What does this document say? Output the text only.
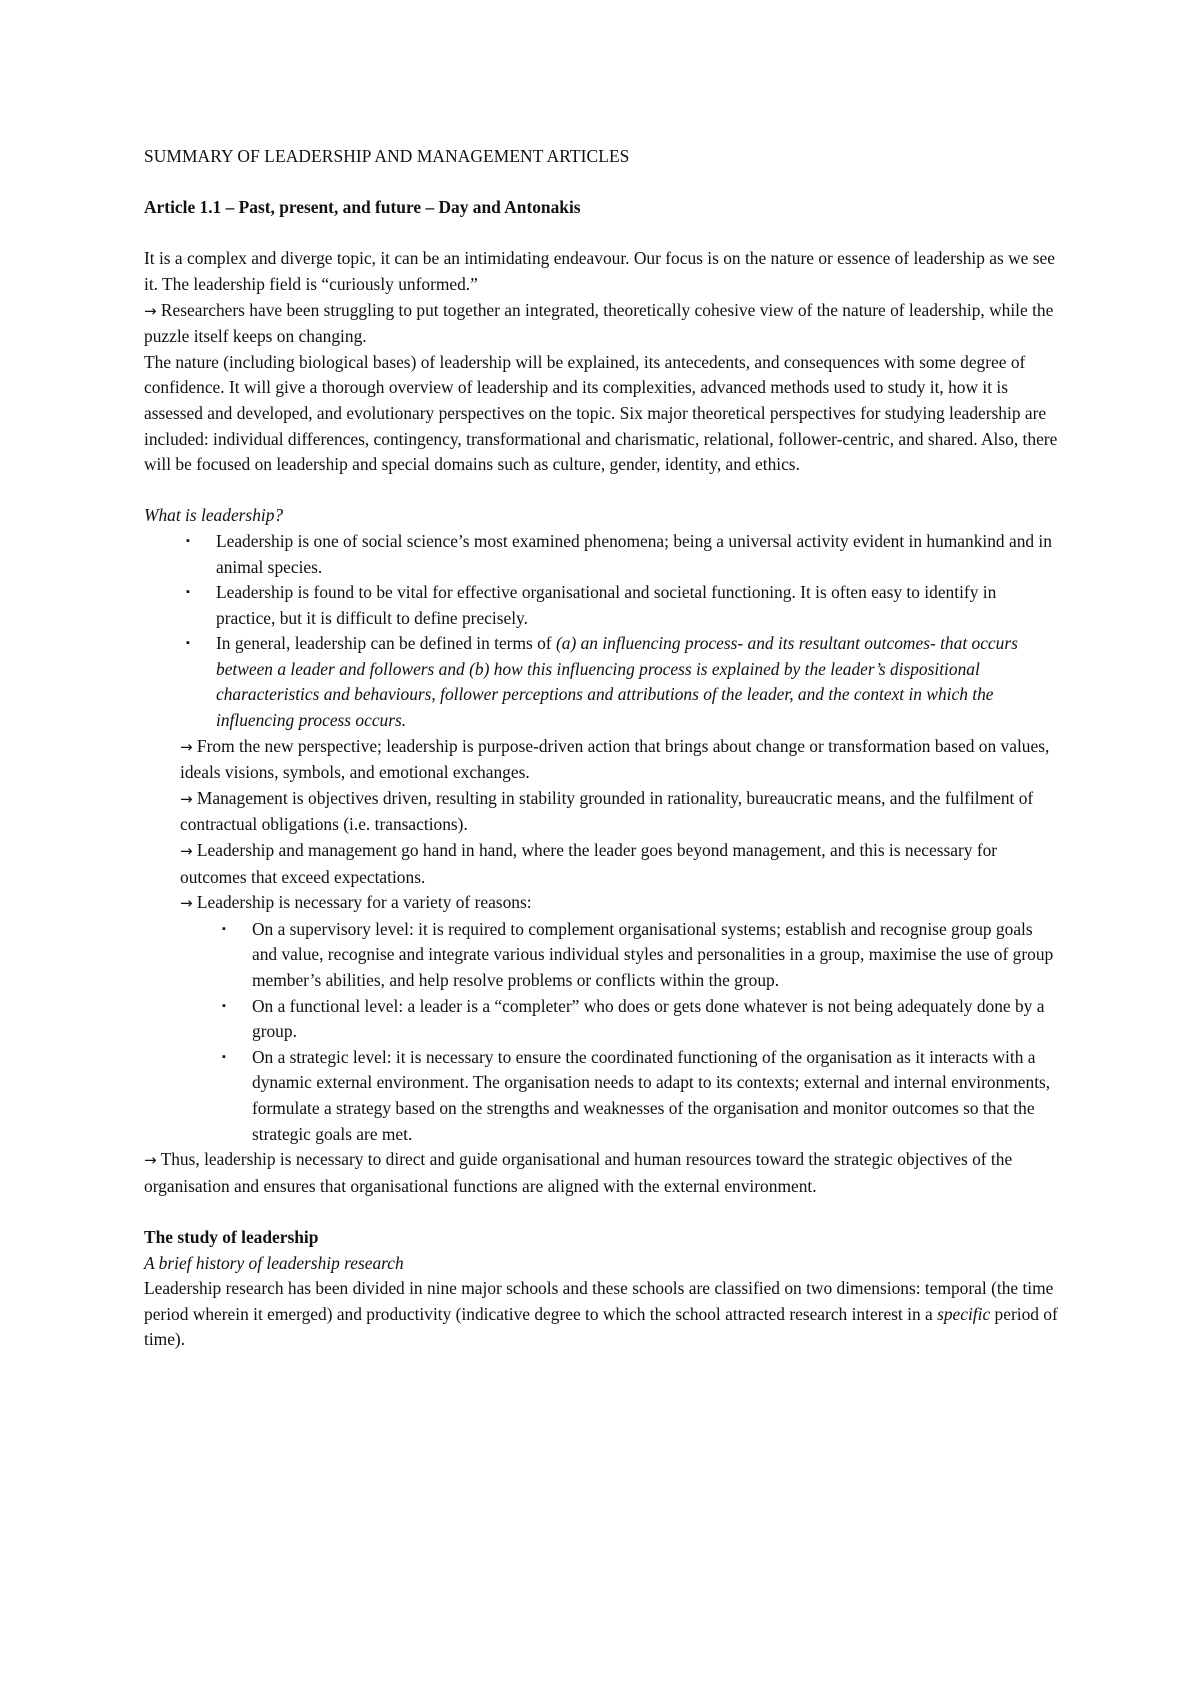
SUMMARY OF LEADERSHIP AND MANAGEMENT ARTICLES

Article 1.1 – Past, present, and future – Day and Antonakis

It is a complex and diverge topic, it can be an intimidating endeavour. Our focus is on the nature or essence of leadership as we see it. The leadership field is “curiously unformed.”

→ Researchers have been struggling to put together an integrated, theoretically cohesive view of the nature of leadership, while the puzzle itself keeps on changing.

The nature (including biological bases) of leadership will be explained, its antecedents, and consequences with some degree of confidence. It will give a thorough overview of leadership and its complexities, advanced methods used to study it, how it is assessed and developed, and evolutionary perspectives on the topic. Six major theoretical perspectives for studying leadership are included: individual differences, contingency, transformational and charismatic, relational, follower-centric, and shared. Also, there will be focused on leadership and special domains such as culture, gender, identity, and ethics.

What is leadership?

▪ Leadership is one of social science’s most examined phenomena; being a universal activity evident in humankind and in animal species.
▪ Leadership is found to be vital for effective organisational and societal functioning. It is often easy to identify in practice, but it is difficult to define precisely.
▪ In general, leadership can be defined in terms of (a) an influencing process- and its resultant outcomes- that occurs between a leader and followers and (b) how this influencing process is explained by the leader’s dispositional characteristics and behaviours, follower perceptions and attributions of the leader, and the context in which the influencing process occurs.

→ From the new perspective; leadership is purpose-driven action that brings about change or transformation based on values, ideals visions, symbols, and emotional exchanges.

→ Management is objectives driven, resulting in stability grounded in rationality, bureaucratic means, and the fulfilment of contractual obligations (i.e. transactions).

→ Leadership and management go hand in hand, where the leader goes beyond management, and this is necessary for outcomes that exceed expectations.

→ Leadership is necessary for a variety of reasons:

▪ On a supervisory level: it is required to complement organisational systems; establish and recognise group goals and value, recognise and integrate various individual styles and personalities in a group, maximise the use of group member’s abilities, and help resolve problems or conflicts within the group.
▪ On a functional level: a leader is a “completer” who does or gets done whatever is not being adequately done by a group.
▪ On a strategic level: it is necessary to ensure the coordinated functioning of the organisation as it interacts with a dynamic external environment. The organisation needs to adapt to its contexts; external and internal environments, formulate a strategy based on the strengths and weaknesses of the organisation and monitor outcomes so that the strategic goals are met.

→ Thus, leadership is necessary to direct and guide organisational and human resources toward the strategic objectives of the organisation and ensures that organisational functions are aligned with the external environment.

The study of leadership

A brief history of leadership research

Leadership research has been divided in nine major schools and these schools are classified on two dimensions: temporal (the time period wherein it emerged) and productivity (indicative degree to which the school attracted research interest in a specific period of time).
